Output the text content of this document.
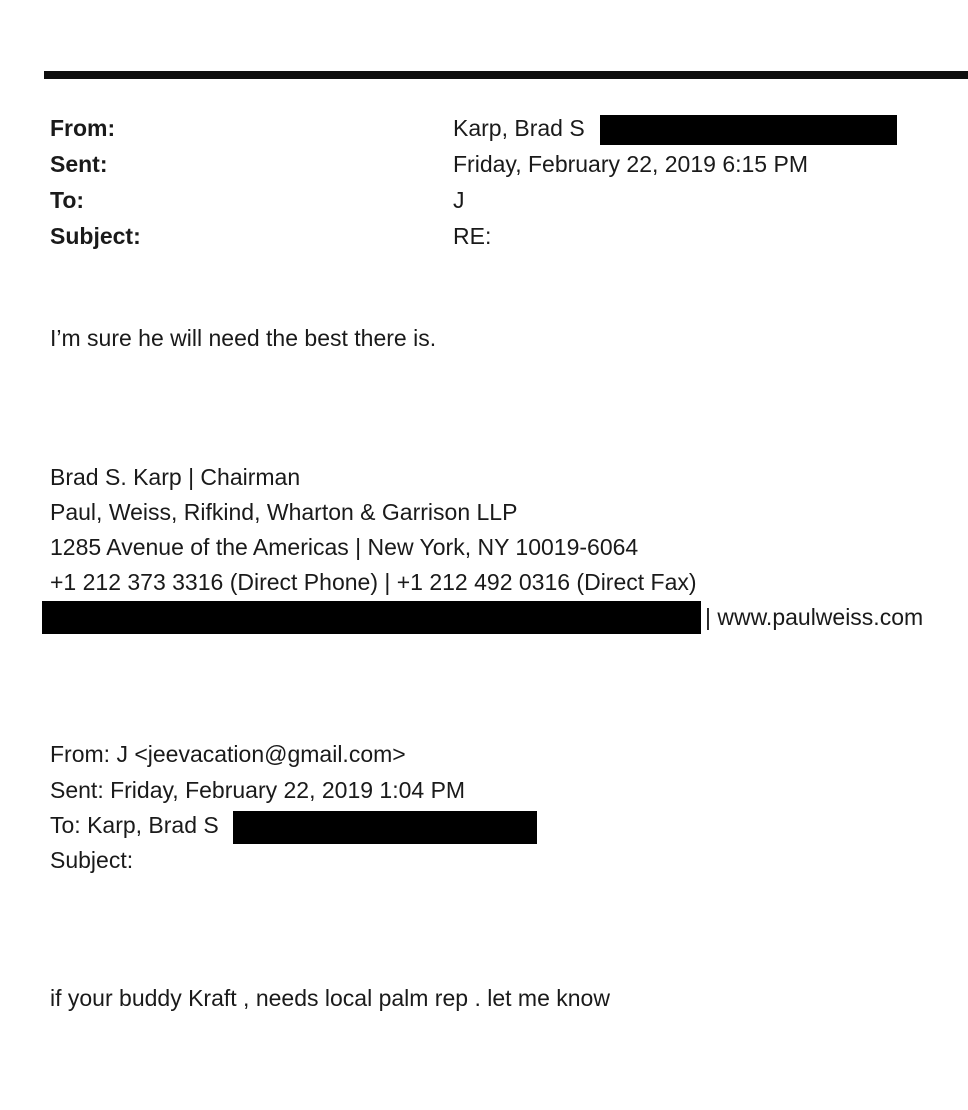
From:	Karp, Brad S
Sent:	Friday, February 22, 2019 6:15 PM
To:	J
Subject:	RE:
I’m sure he will need the best there is.
Brad S. Karp | Chairman
Paul, Weiss, Rifkind, Wharton & Garrison LLP
1285 Avenue of the Americas | New York, NY 10019-6064
+1 212 373 3316 (Direct Phone) | +1 212 492 0316 (Direct Fax)
| www.paulweiss.com
From: J <jeevacation@gmail.com>
Sent: Friday, February 22, 2019 1:04 PM
To: Karp, Brad S
Subject:
if your buddy Kraft , needs local palm rep . let me know
